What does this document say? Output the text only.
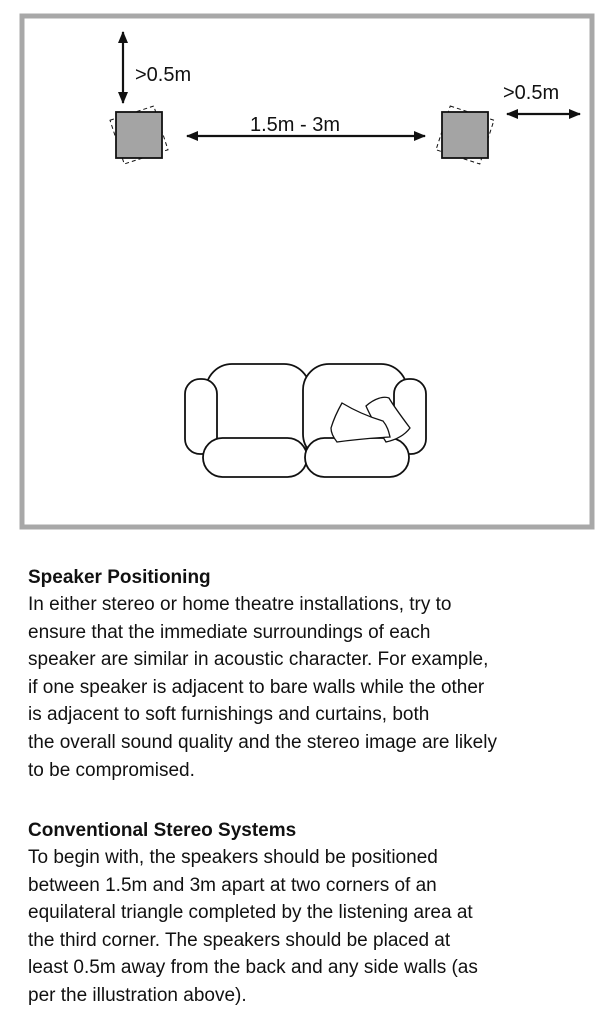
>0.5m
1.5m - 3m
>0.5m
Speaker Positioning

In either stereo or home theatre installations, try to
ensure that the immediate surroundings of each
speaker are similar in acoustic character. For example,
if one speaker is adjacent to bare walls while the other
is adjacent to soft furnishings and curtains, both
the overall sound quality and the stereo image are likely
to be compromised.

Conventional Stereo Systems

To begin with, the speakers should be positioned
between 1.5m and 3m apart at two corners of an
equilateral triangle completed by the listening area at
the third corner. The speakers should be placed at
least 0.5m away from the back and any side walls (as
per the illustration above).
